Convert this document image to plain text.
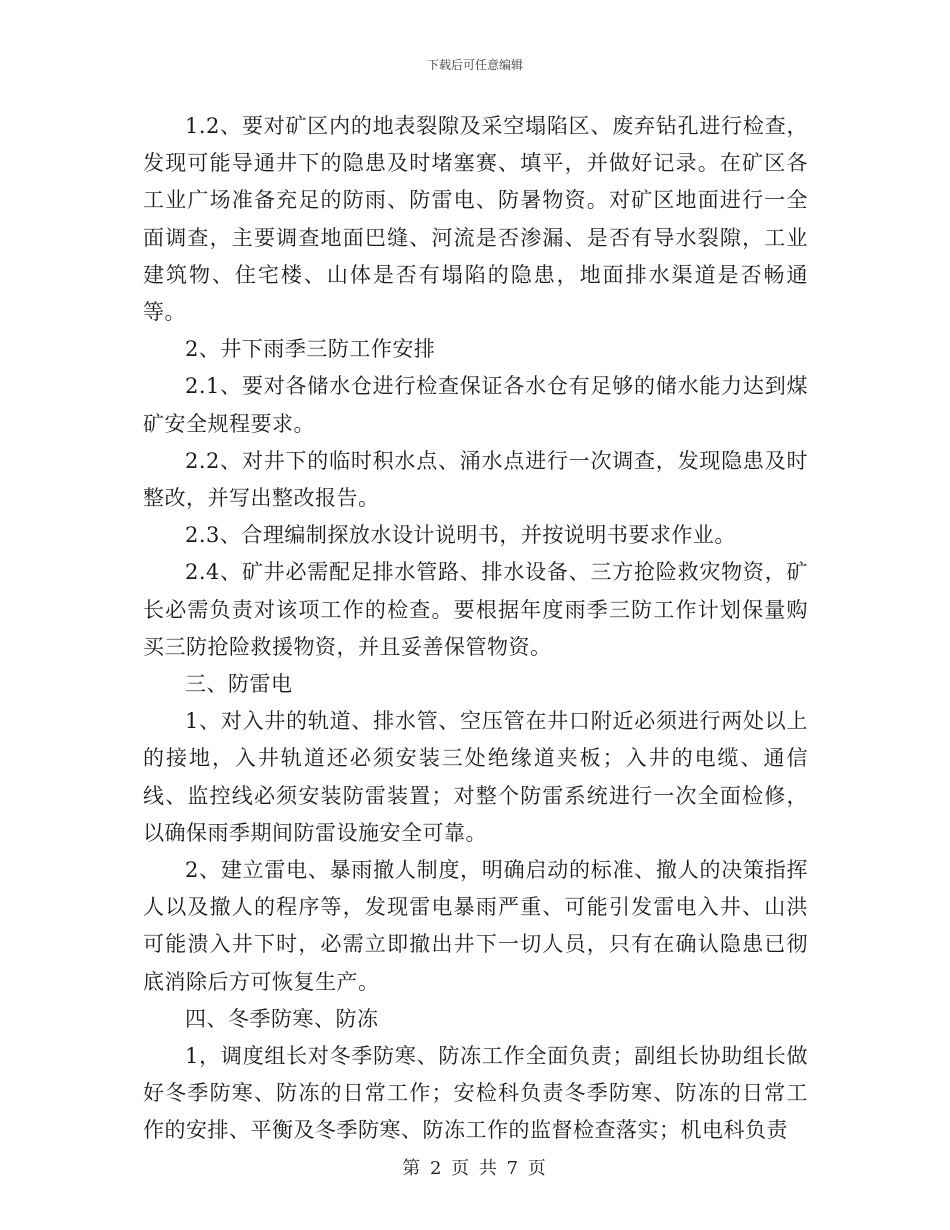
下载后可任意编辑

1.2、要对矿区内的地表裂隙及采空塌陷区、废弃钻孔进行检查，发现可能导通井下的隐患及时堵塞赛、填平，并做好记录。在矿区各工业广场准备充足的防雨、防雷电、防暑物资。对矿区地面进行一全面调查，主要调查地面巴缝、河流是否渗漏、是否有导水裂隙，工业建筑物、住宅楼、山体是否有塌陷的隐患，地面排水渠道是否畅通等。

2、井下雨季三防工作安排

2.1、要对各储水仓进行检查保证各水仓有足够的储水能力达到煤矿安全规程要求。

2.2、对井下的临时积水点、涌水点进行一次调查，发现隐患及时整改，并写出整改报告。

2.3、合理编制探放水设计说明书，并按说明书要求作业。

2.4、矿井必需配足排水管路、排水设备、三方抢险救灾物资，矿长必需负责对该项工作的检查。要根据年度雨季三防工作计划保量购买三防抢险救援物资，并且妥善保管物资。

三、防雷电

1、对入井的轨道、排水管、空压管在井口附近必须进行两处以上的接地，入井轨道还必须安装三处绝缘道夹板；入井的电缆、通信线、监控线必须安装防雷装置；对整个防雷系统进行一次全面检修，以确保雨季期间防雷设施安全可靠。

2、建立雷电、暴雨撤人制度，明确启动的标准、撤人的决策指挥人以及撤人的程序等，发现雷电暴雨严重、可能引发雷电入井、山洪可能溃入井下时，必需立即撤出井下一切人员，只有在确认隐患已彻底消除后方可恢复生产。

四、冬季防寒、防冻

1，调度组长对冬季防寒、防冻工作全面负责；副组长协助组长做好冬季防寒、防冻的日常工作；安检科负责冬季防寒、防冻的日常工作的安排、平衡及冬季防寒、防冻工作的监督检查落实；机电科负责

第 2 页 共 7 页
